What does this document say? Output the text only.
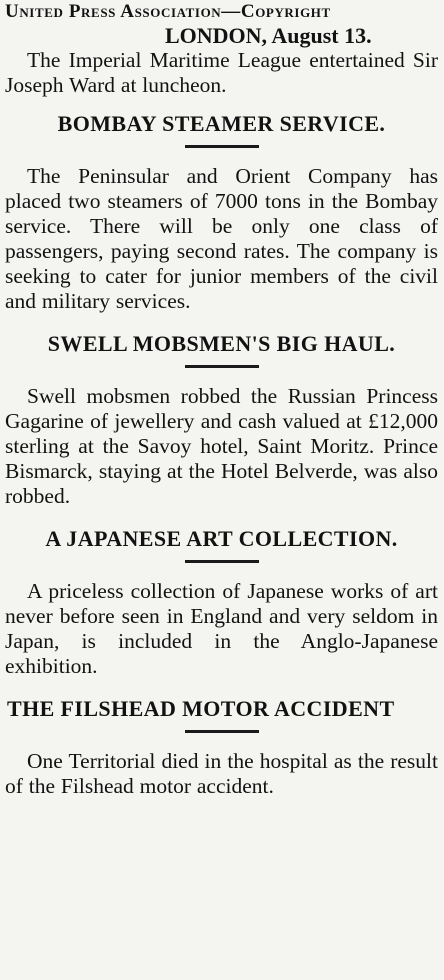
United Press Association—Copyright

LONDON, August 13.

The Imperial Maritime League entertained Sir Joseph Ward at luncheon.

BOMBAY STEAMER SERVICE.

The Peninsular and Orient Company has placed two steamers of 7000 tons in the Bombay service. There will be only one class of passengers, paying second rates. The company is seeking to cater for junior members of the civil and military services.

SWELL MOBSMEN'S BIG HAUL.

Swell mobsmen robbed the Russian Princess Gagarine of jewellery and cash valued at £12,000 sterling at the Savoy hotel, Saint Moritz. Prince Bismarck, staying at the Hotel Belverde, was also robbed.

A JAPANESE ART COLLECTION.

A priceless collection of Japanese works of art never before seen in England and very seldom in Japan, is included in the Anglo-Japanese exhibition.

THE FILSHEAD MOTOR ACCIDENT

One Territorial died in the hospital as the result of the Filshead motor accident.
